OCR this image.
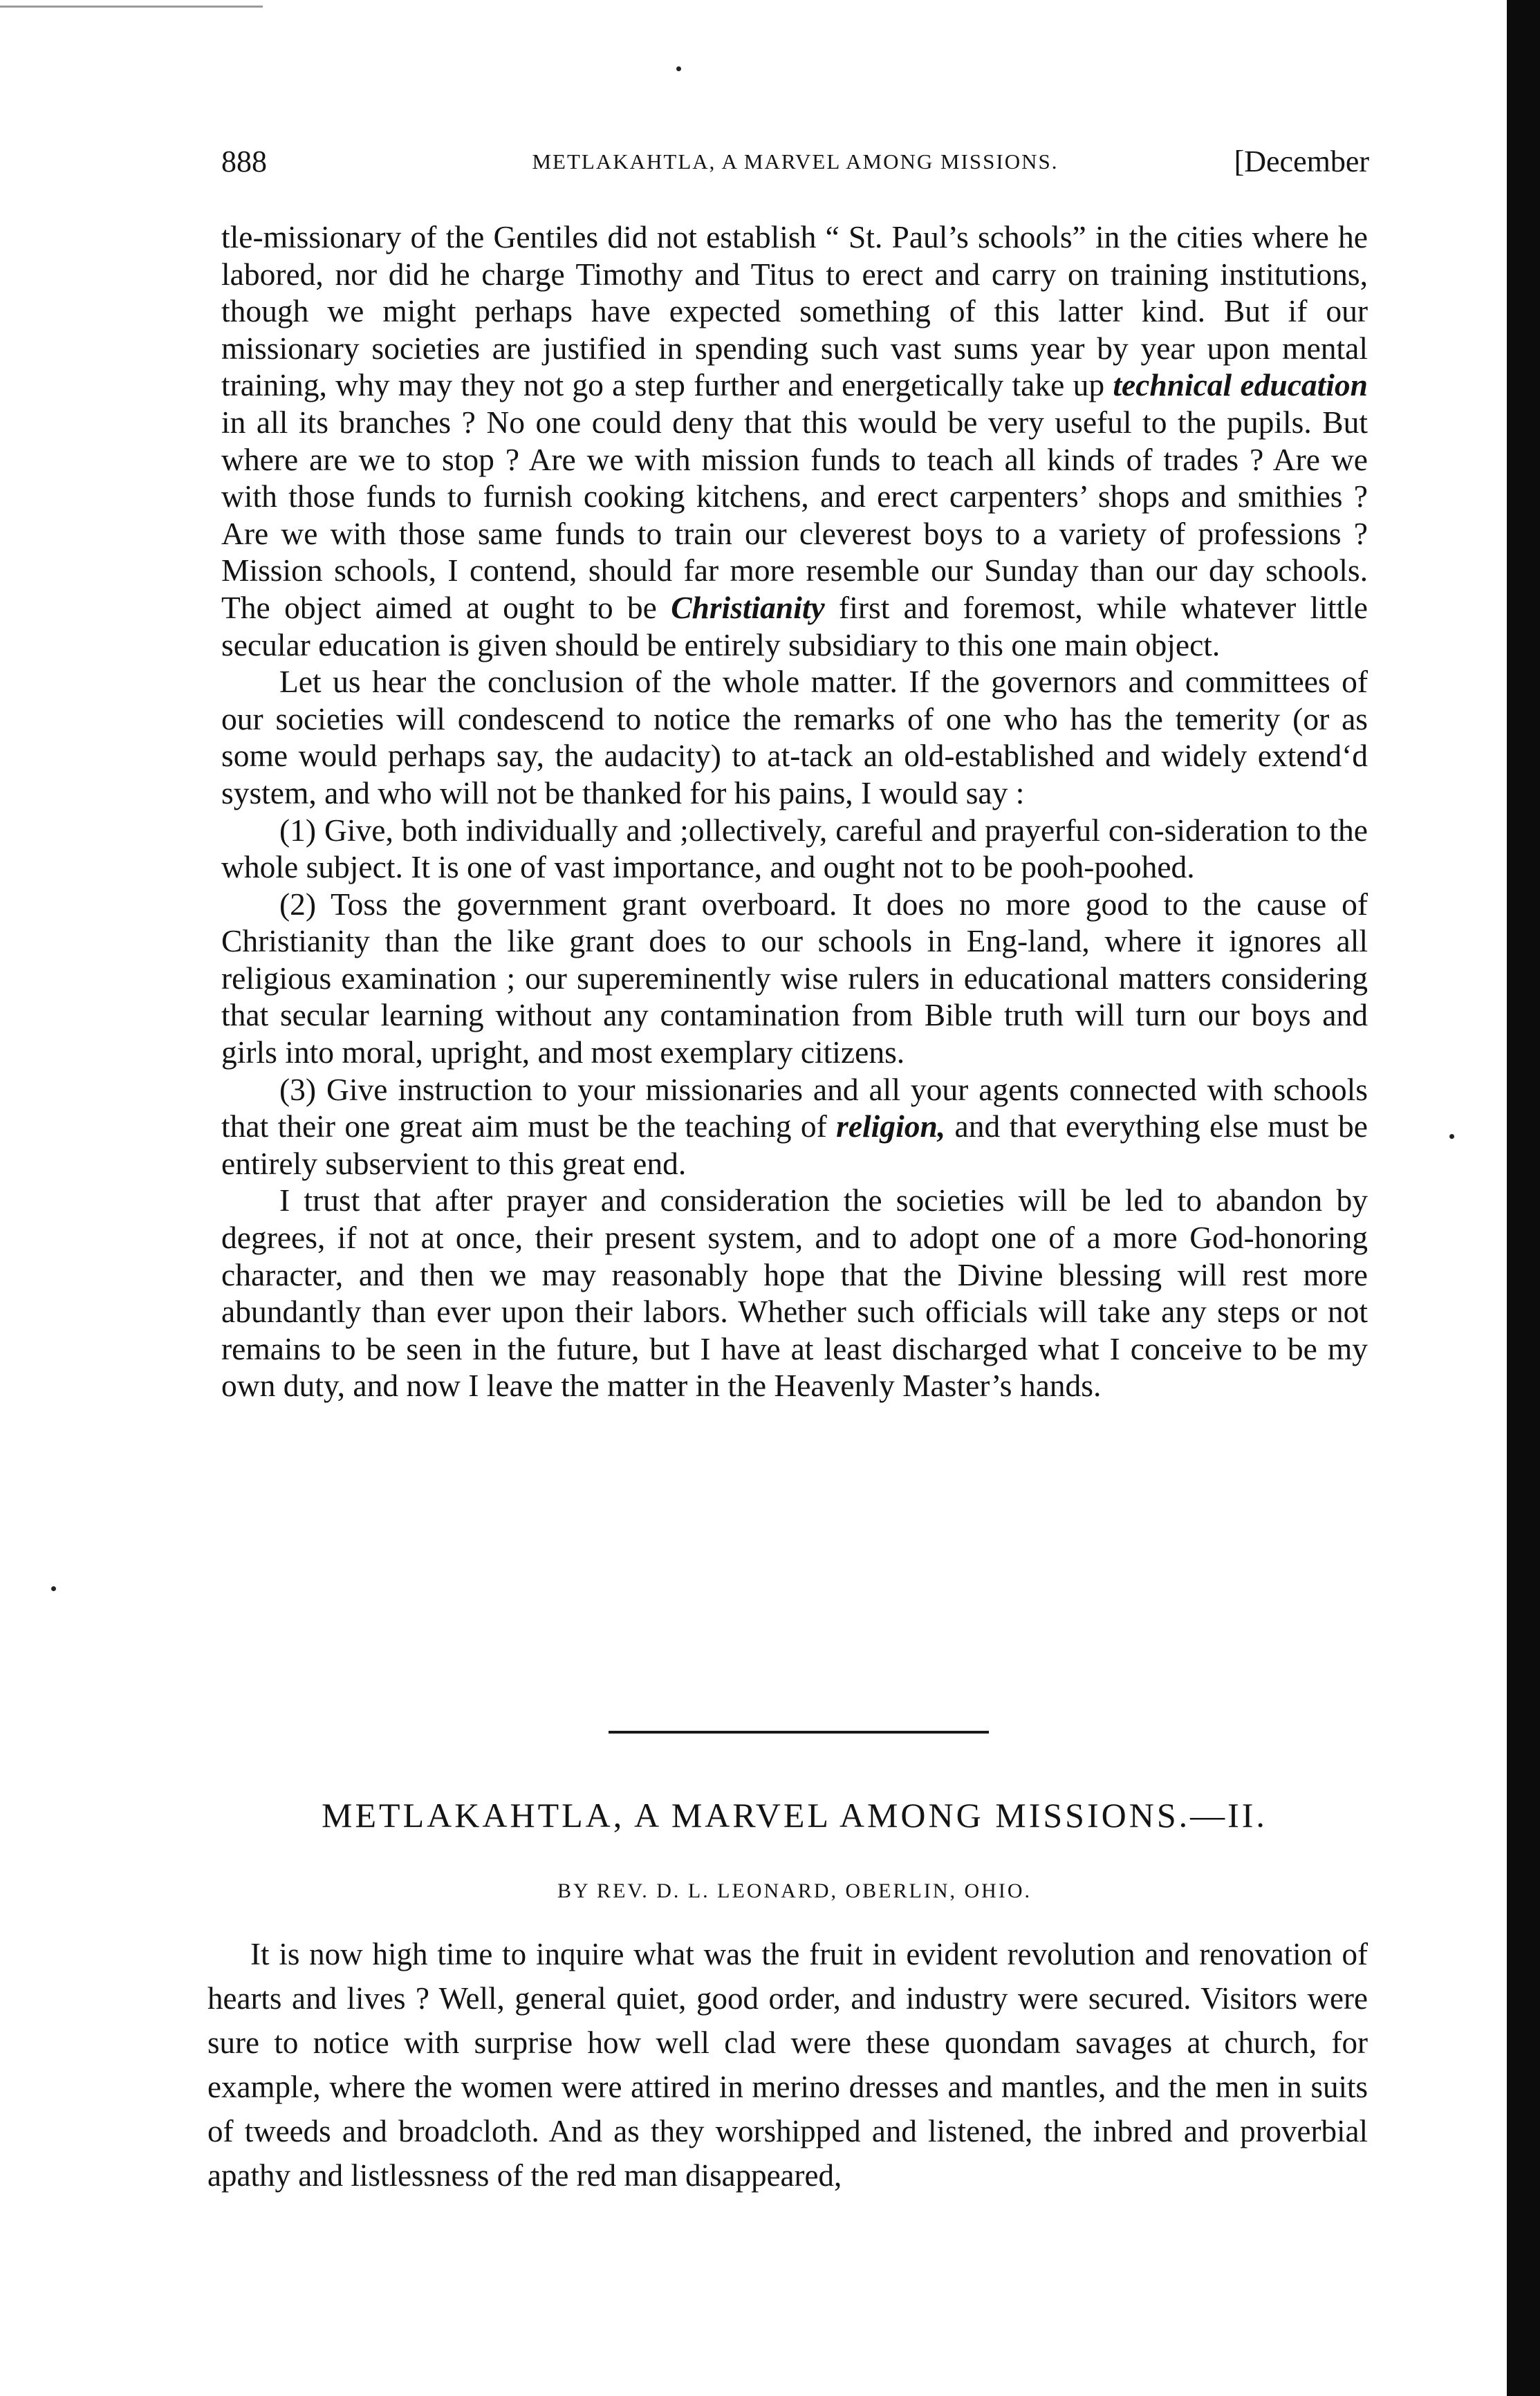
888	METLAKAHTLA, A MARVEL AMONG MISSIONS.	[December

tle-missionary of the Gentiles did not establish “ St. Paul’s schools” in the cities where he labored, nor did he charge Timothy and Titus to erect and carry on training institutions, though we might perhaps have expected something of this latter kind. But if our missionary societies are justified in spending such vast sums year by year upon mental training, why may they not go a step further and energetically take up technical education in all its branches ? No one could deny that this would be very useful to the pupils. But where are we to stop ? Are we with mission funds to teach all kinds of trades ? Are we with those funds to furnish cooking kitchens, and erect carpenters’ shops and smithies ? Are we with those same funds to train our cleverest boys to a variety of professions ? Mission schools, I contend, should far more resemble our Sunday than our day schools. The object aimed at ought to be Christianity first and foremost, while whatever little secular education is given should be entirely subsidiary to this one main object.

Let us hear the conclusion of the whole matter. If the governors and committees of our societies will condescend to notice the remarks of one who has the temerity (or as some would perhaps say, the audacity) to at-tack an old-established and widely extendʻd system, and who will not be thanked for his pains, I would say :

(1) Give, both individually and ;ollectively, careful and prayerful con-sideration to the whole subject. It is one of vast importance, and ought not to be pooh-poohed.

(2) Toss the government grant overboard. It does no more good to the cause of Christianity than the like grant does to our schools in Eng-land, where it ignores all religious examination ; our supereminently wise rulers in educational matters considering that secular learning without any contamination from Bible truth will turn our boys and girls into moral, upright, and most exemplary citizens.

(3) Give instruction to your missionaries and all your agents connected with schools that their one great aim must be the teaching of religion, and that everything else must be entirely subservient to this great end.

I trust that after prayer and consideration the societies will be led to abandon by degrees, if not at once, their present system, and to adopt one of a more God-honoring character, and then we may reasonably hope that the Divine blessing will rest more abundantly than ever upon their labors. Whether such officials will take any steps or not remains to be seen in the future, but I have at least discharged what I conceive to be my own duty, and now I leave the matter in the Heavenly Master’s hands.

METLAKAHTLA, A MARVEL AMONG MISSIONS.—II.
BY REV. D. L. LEONARD, OBERLIN, OHIO.

It is now high time to inquire what was the fruit in evident revolution and renovation of hearts and lives ? Well, general quiet, good order, and industry were secured. Visitors were sure to notice with surprise how well clad were these quondam savages at church, for example, where the women were attired in merino dresses and mantles, and the men in suits of tweeds and broadcloth. And as they worshipped and listened, the inbred and proverbial apathy and listlessness of the red man disappeared,
